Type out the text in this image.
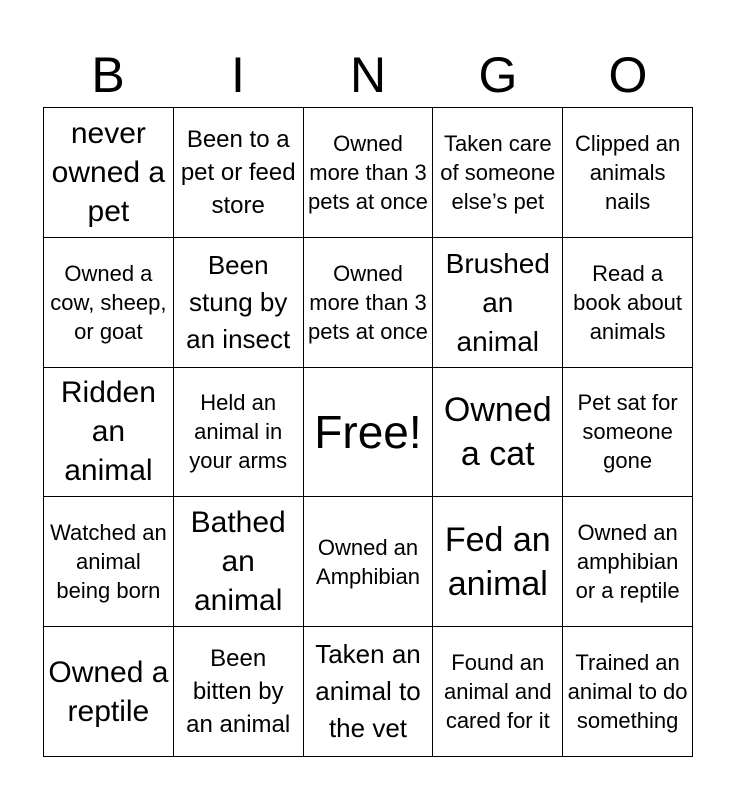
B	I	N	G	O
never owned a pet
Been to a pet or feed store
Owned more than 3 pets at once
Taken care of someone else’s pet
Clipped an animals nails
Owned a cow, sheep, or goat
Been stung by an insect
Owned more than 3 pets at once
Brushed an animal
Read a book about animals
Ridden an animal
Held an animal in your arms
Free! Owned a cat
Pet sat for someone gone
Watched an animal being born
Bathed an animal
Owned an Amphibian
Fed an animal
Owned an amphibian or a reptile
Owned a reptile
Been bitten by an animal
Taken an animal to the vet
Found an animal and cared for it
Trained an animal to do something
